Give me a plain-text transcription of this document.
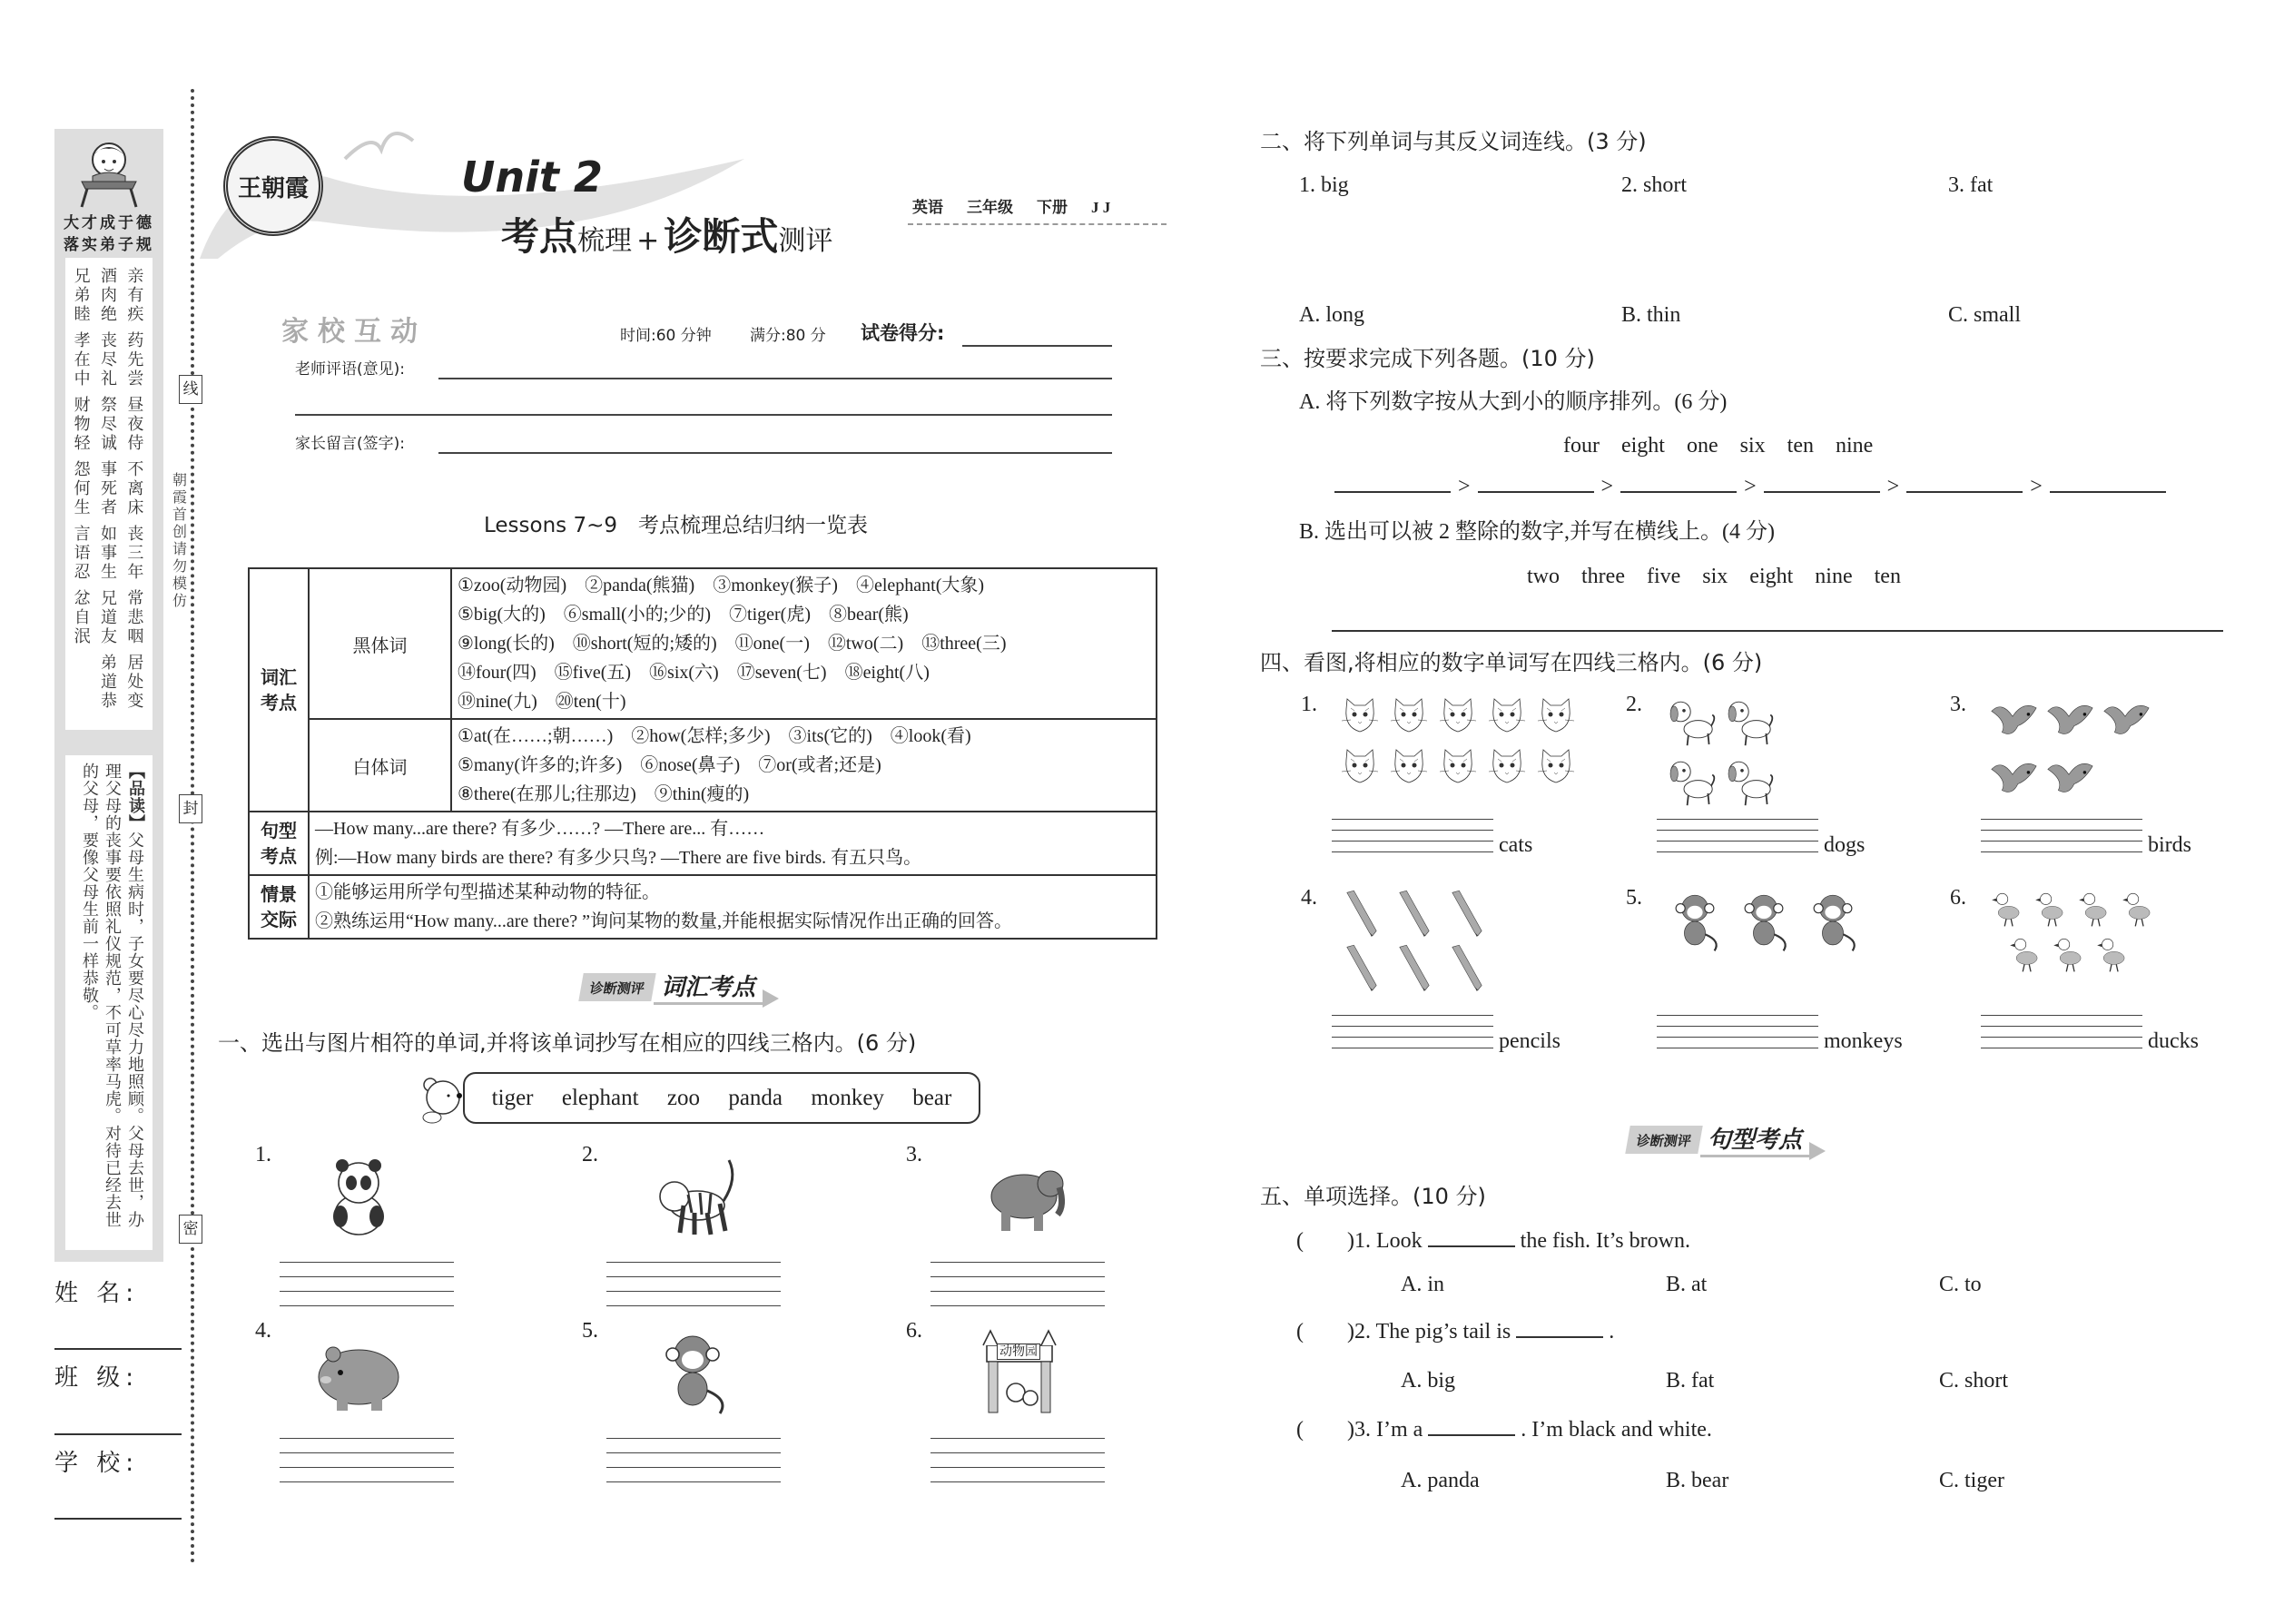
大才成于德
落实弟子规
亲有疾
药先尝
昼夜侍
不离床
丧三年
常悲咽
居处变
酒肉绝
丧尽礼
祭尽诚
事死者
如事生
兄道友
弟道恭
兄弟睦
孝在中
财物轻
怨何生
言语忍
忿自泯
【品读】父母生病时，子女要尽心尽力地照顾。父母去世，办理父母的丧事要依照礼仪规范，不可草率马虎。对待已经去世的父母，要像父母生前一样恭敬。
线
封
密
朝霞首创　请勿模仿
姓 名:
班 级:
学 校:
王朝霞	Unit 2
考点梳理 + 诊断式测评
英语 三年级 下册 J J
家校互动	时间:60 分钟 满分:80 分 试卷得分:
老师评语(意见):
家长留言(签字):
Lessons 7~9　考点梳理总结归纳一览表
词汇考点	黑体词	①zoo(动物园)　②panda(熊猫)　③monkey(猴子)　④elephant(大象)
⑤big(大的)　⑥small(小的;少的)　⑦tiger(虎)　⑧bear(熊)
⑨long(长的)　⑩short(短的;矮的)　⑪one(一)　⑫two(二)　⑬three(三)
⑭four(四)　⑮five(五)　⑯six(六)　⑰seven(七)　⑱eight(八)
⑲nine(九)　⑳ten(十)

	白体词	①at(在……;朝……)　②how(怎样;多少)　③its(它的)　④look(看)
⑤many(许多的;许多)　⑥nose(鼻子)　⑦or(或者;还是)
⑧there(在那儿;往那边)　⑨thin(瘦的)

句型考点	—How many...are there? 有多少……? —There are... 有……
例:—How many birds are there? 有多少只鸟? —There are five birds. 有五只鸟。	

情景交际	①能够运用所学句型描述某种动物的特征。
②熟练运用“How many...are there? ”询问某物的数量,并能根据实际情况作出正确的回答。	
诊断测评 词汇考点
一、选出与图片相符的单词,并将该单词抄写在相应的四线三格内。(6 分)
tiger elephant zoo panda monkey bear
1.	2.	3.
4.	5.	6.
动物园
二、将下列单词与其反义词连线。(3 分)
1. big	2. short	3. fat
A. long	B. thin	C. small
三、按要求完成下列各题。(10 分)
A. 将下列数字按从大到小的顺序排列。(6 分)
four  eight  one  six  ten  nine
>	>	>	>	>
B. 选出可以被 2 整除的数字,并写在横线上。(4 分)
two  three  five  six  eight  nine  ten
四、看图,将相应的数字单词写在四线三格内。(6 分)
1.
cats
2.
dogs
3.
birds
4.
pencils
5.
monkeys
6.
ducks
诊断测评 句型考点
五、单项选择。(10 分)
(　　)1. Look	the fish. It’s brown.
A. in	B. at	C. to
(　　)2. The pig’s tail is	.
A. big	B. fat	C. short
(　　)3. I’m a	. I’m black and white.
A. panda	B. bear	C. tiger
